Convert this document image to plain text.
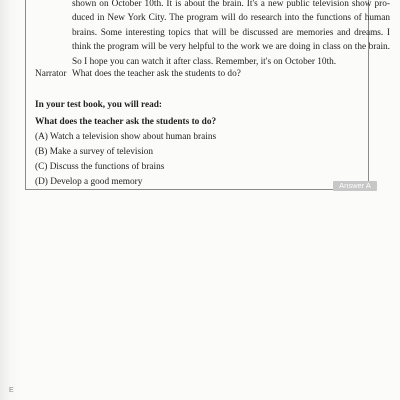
shown on October 10th. It is about the brain. It's a new public television show pro-
duced in New York City. The program will do research into the functions of human
brains. Some interesting topics that will be discussed are memories and dreams. I
think the program will be very helpful to the work we are doing in class on the brain.
So I hope you can watch it after class. Remember, it's on October 10th.

Narrator What does the teacher ask the students to do?
In your test book, you will read:
What does the teacher ask the students to do?
(A) Watch a television show about human brains
(B) Make a survey of television
(C) Discuss the functions of brains
(D) Develop a good memory	Answer A
E
